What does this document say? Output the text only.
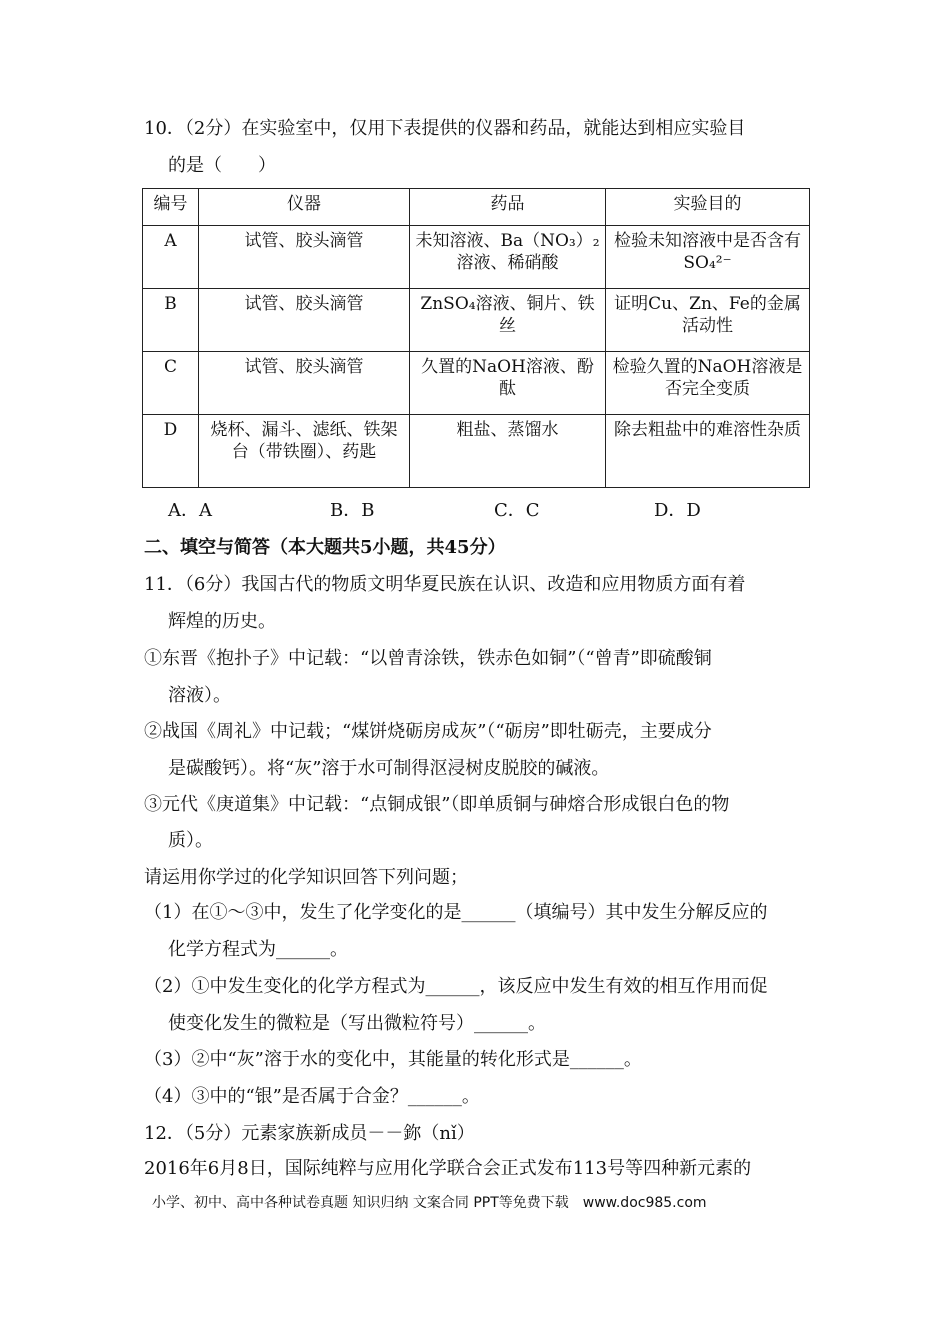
10．（2分）在实验室中，仅用下表提供的仪器和药品，就能达到相应实验目
的是（　　）
编号	仪器	药品	实验目的
A	试管、胶头滴管	未知溶液、Ba（NO₃）₂溶液、稀硝酸	检验未知溶液中是否含有SO₄²⁻
B	试管、胶头滴管	ZnSO₄溶液、铜片、铁丝	证明Cu、Zn、Fe的金属活动性
C	试管、胶头滴管	久置的NaOH溶液、酚酞	检验久置的NaOH溶液是否完全变质
D	烧杯、漏斗、滤纸、铁架台（带铁圈）、药匙	粗盐、蒸馏水	除去粗盐中的难溶性杂质
A．A	B．B	C．C	D．D
二、填空与简答（本大题共5小题，共45分）
11．（6分）我国古代的物质文明华夏民族在认识、改造和应用物质方面有着
辉煌的历史。
①东晋《抱扑子》中记载：“以曾青涂铁，铁赤色如铜”（“曾青”即硫酸铜
溶液）。
②战国《周礼》中记载；“煤饼烧砺房成灰”（“砺房”即牡砺壳，主要成分
是碳酸钙）。将“灰”溶于水可制得沤浸树皮脱胶的碱液。
③元代《庚道集》中记载：“点铜成银”（即单质铜与砷熔合形成银白色的物
质）。
请运用你学过的化学知识回答下列问题；
（1）在①～③中，发生了化学变化的是______（填编号）其中发生分解反应的
化学方程式为______。
（2）①中发生变化的化学方程式为______，该反应中发生有效的相互作用而促
使变化发生的微粒是（写出微粒符号）______。
（3）②中“灰”溶于水的变化中，其能量的转化形式是______。
（4）③中的“银”是否属于合金？______。
12．（5分）元素家族新成员－－鉨（nǐ）
2016年6月8日，国际纯粹与应用化学联合会正式发布113号等四种新元素的
小学、初中、高中各种试卷真题 知识归纳 文案合同 PPT等免费下载　www.doc985.com
